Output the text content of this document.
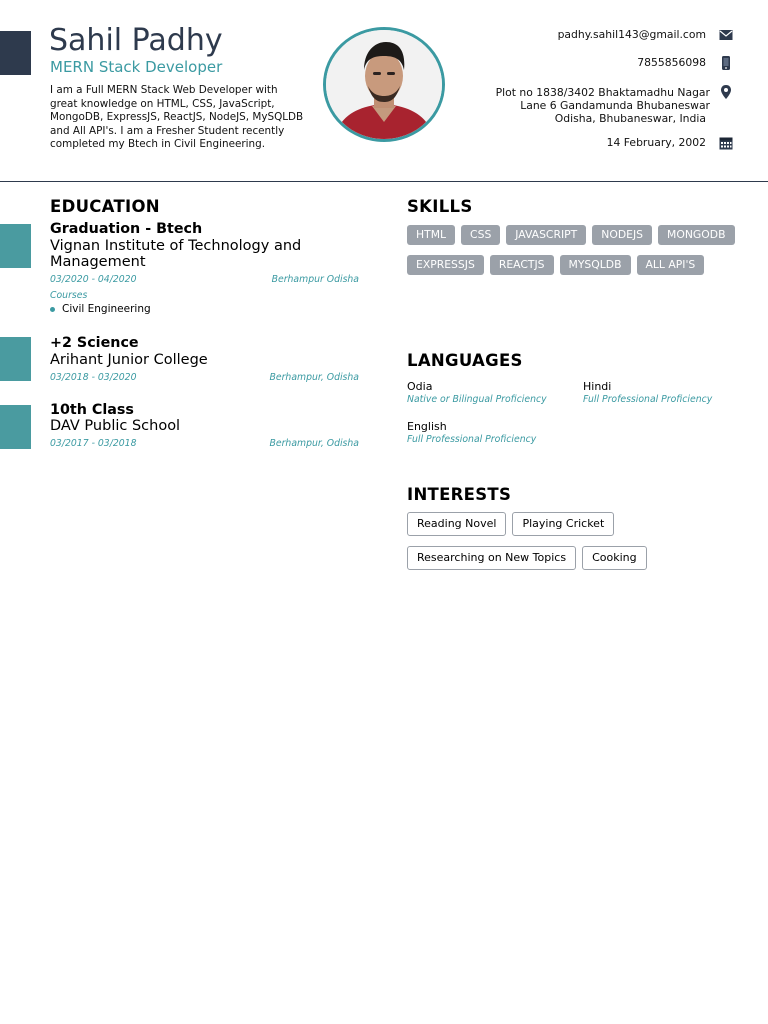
Sahil Padhy
MERN Stack Developer
I am a Full MERN Stack Web Developer with great knowledge on HTML, CSS, JavaScript, MongoDB, ExpressJS, ReactJS, NodeJS, MySQLDB and All API's. I am a Fresher Student recently completed my Btech in Civil Engineering.
padhy.sahil143@gmail.com
7855856098
Plot no 1838/3402 Bhaktamadhu Nagar
Lane 6 Gandamunda Bhubaneswar
Odisha, Bhubaneswar, India
14 February, 2002
EDUCATION
Graduation - Btech
Vignan Institute of Technology and Management
03/2020 - 04/2020	Berhampur Odisha
Courses
Civil Engineering
+2 Science
Arihant Junior College
03/2018 - 03/2020	Berhampur, Odisha
10th Class
DAV Public School
03/2017 - 03/2018	Berhampur, Odisha
SKILLS
HTML	CSS	JAVASCRIPT	NODEJS	MONGODB
EXPRESSJS	REACTJS	MYSQLDB	ALL API'S
LANGUAGES
Odia
Native or Bilingual Proficiency
Hindi
Full Professional Proficiency
English
Full Professional Proficiency
INTERESTS
Reading Novel	Playing Cricket
Researching on New Topics	Cooking
